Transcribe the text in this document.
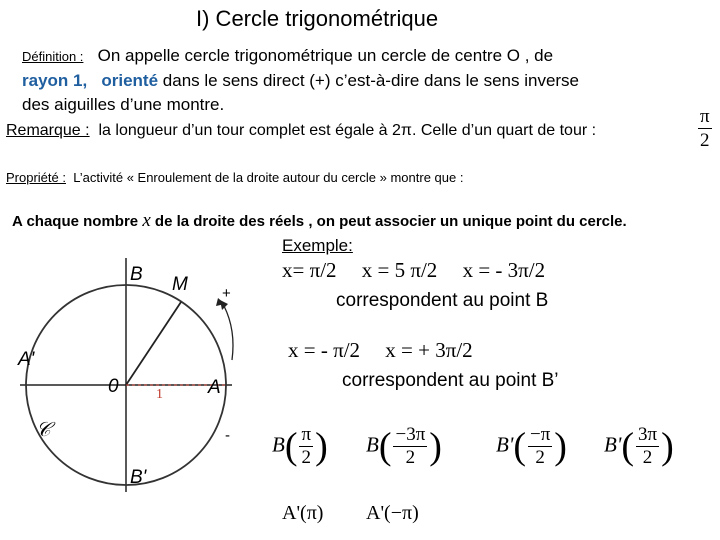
I) Cercle trigonométrique
Définition : On appelle cercle trigonométrique un cercle de centre O , de
rayon 1, orienté dans le sens direct (+) c’est-à-dire dans le sens inverse
des aiguilles d’une montre.
Remarque : la longueur d’un tour complet est égale à 2π. Celle d’un quart de tour :	$\frac{\pi}{2}$
Propriété : L’activité « Enroulement de la droite autour du cercle » montre que :
A chaque nombre x de la droite des réels , on peut associer un unique point du cercle.
Exemple:
x= π/2 x = 5 π/2 x = - 3π/2
correspondent au point B
x = - π/2 x = + 3π/2
correspondent au point B’
B M +
-
0	A
A'
B'
𝒞
1
$B( \frac{\pi}{2}$ ) $B( \frac{-3\pi}{2}$ )	$B'( \frac{-\pi}{2}$ ) $B'( \frac{3\pi}{2}$ )
A'(π) A'(−π)
